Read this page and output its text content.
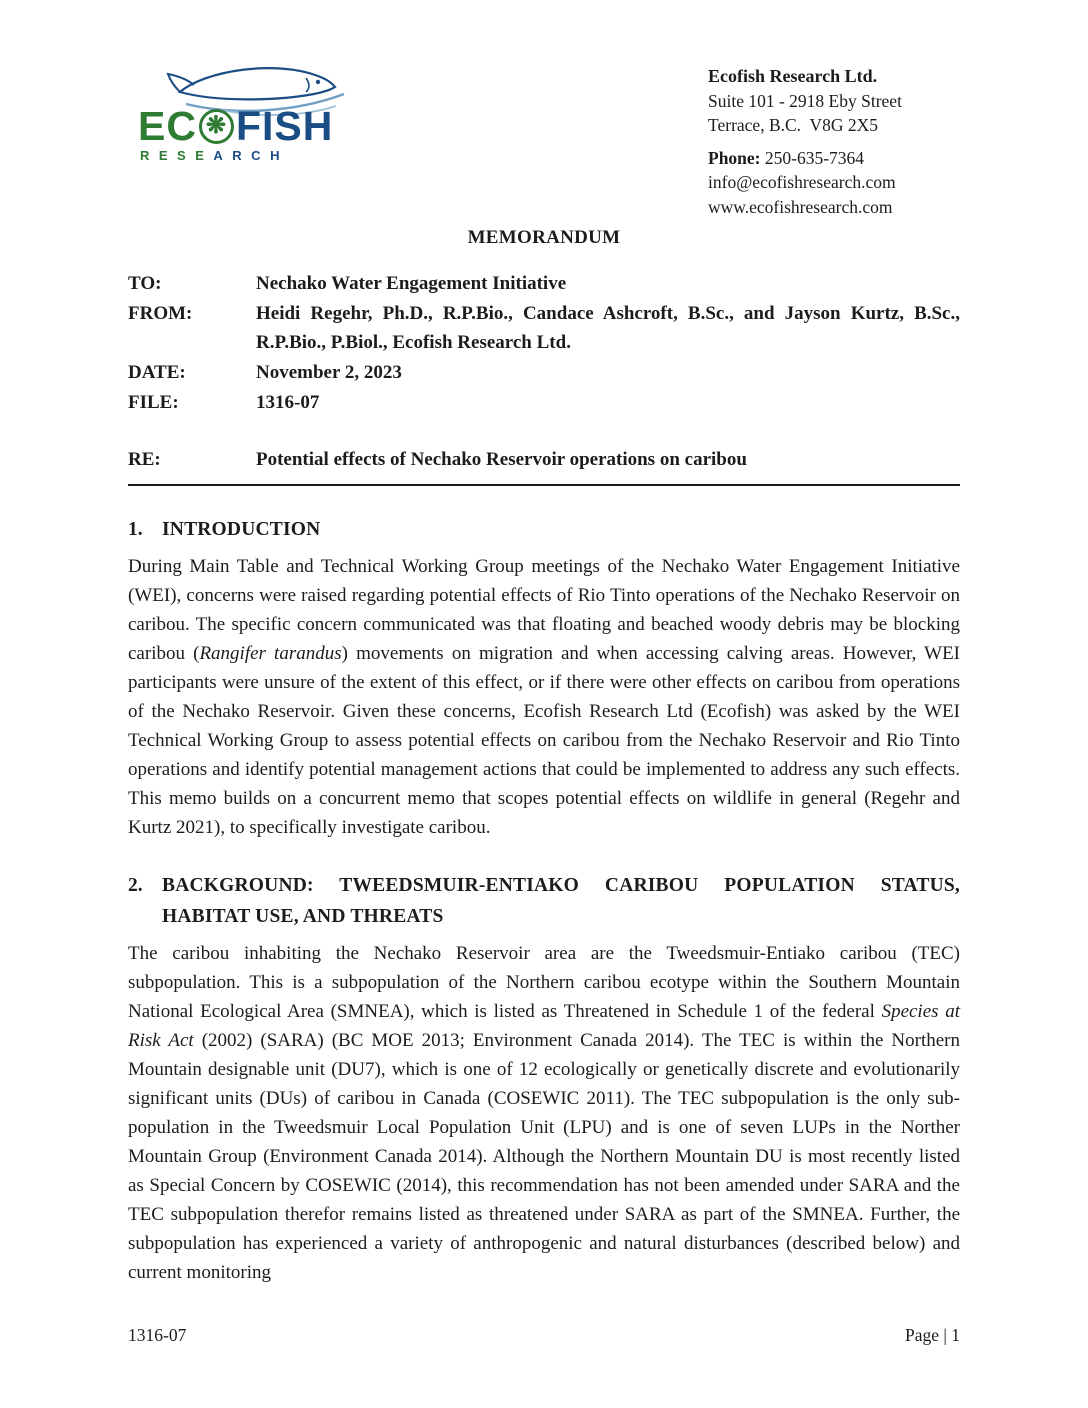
EC ❋ FISH
RESEARCH
Ecofish Research Ltd.
Suite 101 - 2918 Eby Street
Terrace, B.C.  V8G 2X5
Phone: 250-635-7364
info@ecofishresearch.com
www.ecofishresearch.com
MEMORANDUM
TO:	Nechako Water Engagement Initiative
FROM:	Heidi Regehr, Ph.D., R.P.Bio., Candace Ashcroft, B.Sc., and Jayson Kurtz, B.Sc., R.P.Bio., P.Biol., Ecofish Research Ltd.
DATE:	November 2, 2023
FILE:	1316-07
RE:	Potential effects of Nechako Reservoir operations on caribou
1. INTRODUCTION
During Main Table and Technical Working Group meetings of the Nechako Water Engagement Initiative (WEI), concerns were raised regarding potential effects of Rio Tinto operations of the Nechako Reservoir on caribou. The specific concern communicated was that floating and beached woody debris may be blocking caribou (Rangifer tarandus) movements on migration and when accessing calving areas. However, WEI participants were unsure of the extent of this effect, or if there were other effects on caribou from operations of the Nechako Reservoir. Given these concerns, Ecofish Research Ltd (Ecofish) was asked by the WEI Technical Working Group to assess potential effects on caribou from the Nechako Reservoir and Rio Tinto operations and identify potential management actions that could be implemented to address any such effects. This memo builds on a concurrent memo that scopes potential effects on wildlife in general (Regehr and Kurtz 2021), to specifically investigate caribou.
2. BACKGROUND: TWEEDSMUIR-ENTIAKO CARIBOU POPULATION STATUS, HABITAT USE, AND THREATS
The caribou inhabiting the Nechako Reservoir area are the Tweedsmuir-Entiako caribou (TEC) subpopulation. This is a subpopulation of the Northern caribou ecotype within the Southern Mountain National Ecological Area (SMNEA), which is listed as Threatened in Schedule 1 of the federal Species at Risk Act (2002) (SARA) (BC MOE 2013; Environment Canada 2014). The TEC is within the Northern Mountain designable unit (DU7), which is one of 12 ecologically or genetically discrete and evolutionarily significant units (DUs) of caribou in Canada (COSEWIC 2011). The TEC subpopulation is the only sub-population in the Tweedsmuir Local Population Unit (LPU) and is one of seven LUPs in the Norther Mountain Group (Environment Canada 2014). Although the Northern Mountain DU is most recently listed as Special Concern by COSEWIC (2014), this recommendation has not been amended under SARA and the TEC subpopulation therefor remains listed as threatened under SARA as part of the SMNEA. Further, the subpopulation has experienced a variety of anthropogenic and natural disturbances (described below) and current monitoring
1316-07	Page | 1
